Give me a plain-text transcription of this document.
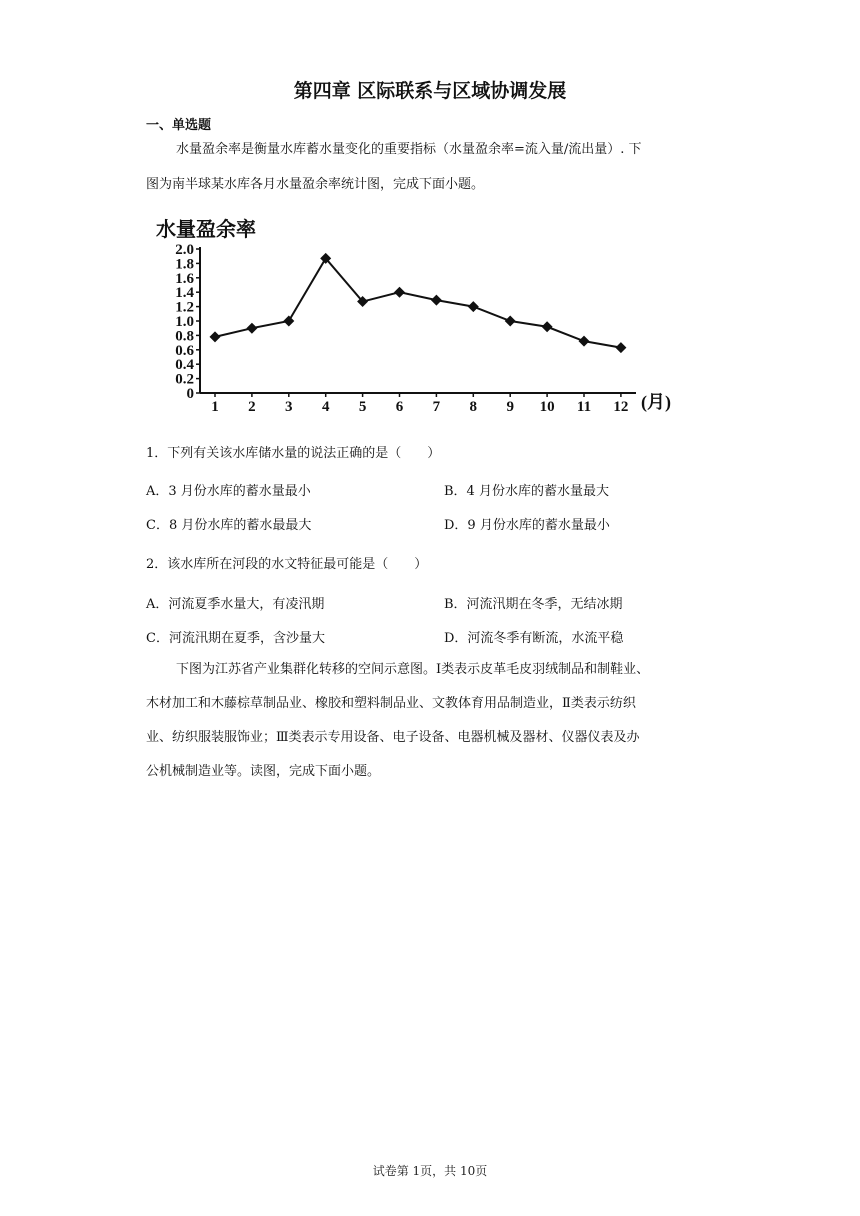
第四章 区际联系与区域协调发展
一、单选题
水量盈余率是衡量水库蓄水量变化的重要指标（水量盈余率=流入量/流出量）. 下
图为南半球某水库各月水量盈余率统计图，完成下面小题。
水量盈余率
0
0.2
0.4
0.6
0.8
1.0
1.2
1.4
1.6
1.8
2.0
1 2 3 4 5 6 7 8 9 10 11 12 (月)
1．下列有关该水库储水量的说法正确的是（　　）
A．3 月份水库的蓄水量最小	B．4 月份水库的蓄水量最大
C．8 月份水库的蓄水最最大	D．9 月份水库的蓄水量最小
2．该水库所在河段的水文特征最可能是（　　）
A．河流夏季水量大，有凌汛期	B．河流汛期在冬季，无结冰期
C．河流汛期在夏季，含沙量大	D．河流冬季有断流，水流平稳
下图为江苏省产业集群化转移的空间示意图。Ⅰ类表示皮革毛皮羽绒制品和制鞋业、
木材加工和木藤棕草制品业、橡胶和塑料制品业、文教体育用品制造业，Ⅱ类表示纺织
业、纺织服装服饰业；Ⅲ类表示专用设备、电子设备、电器机械及器材、仪器仪表及办
公机械制造业等。读图，完成下面小题。
试卷第 1页，共 10页
